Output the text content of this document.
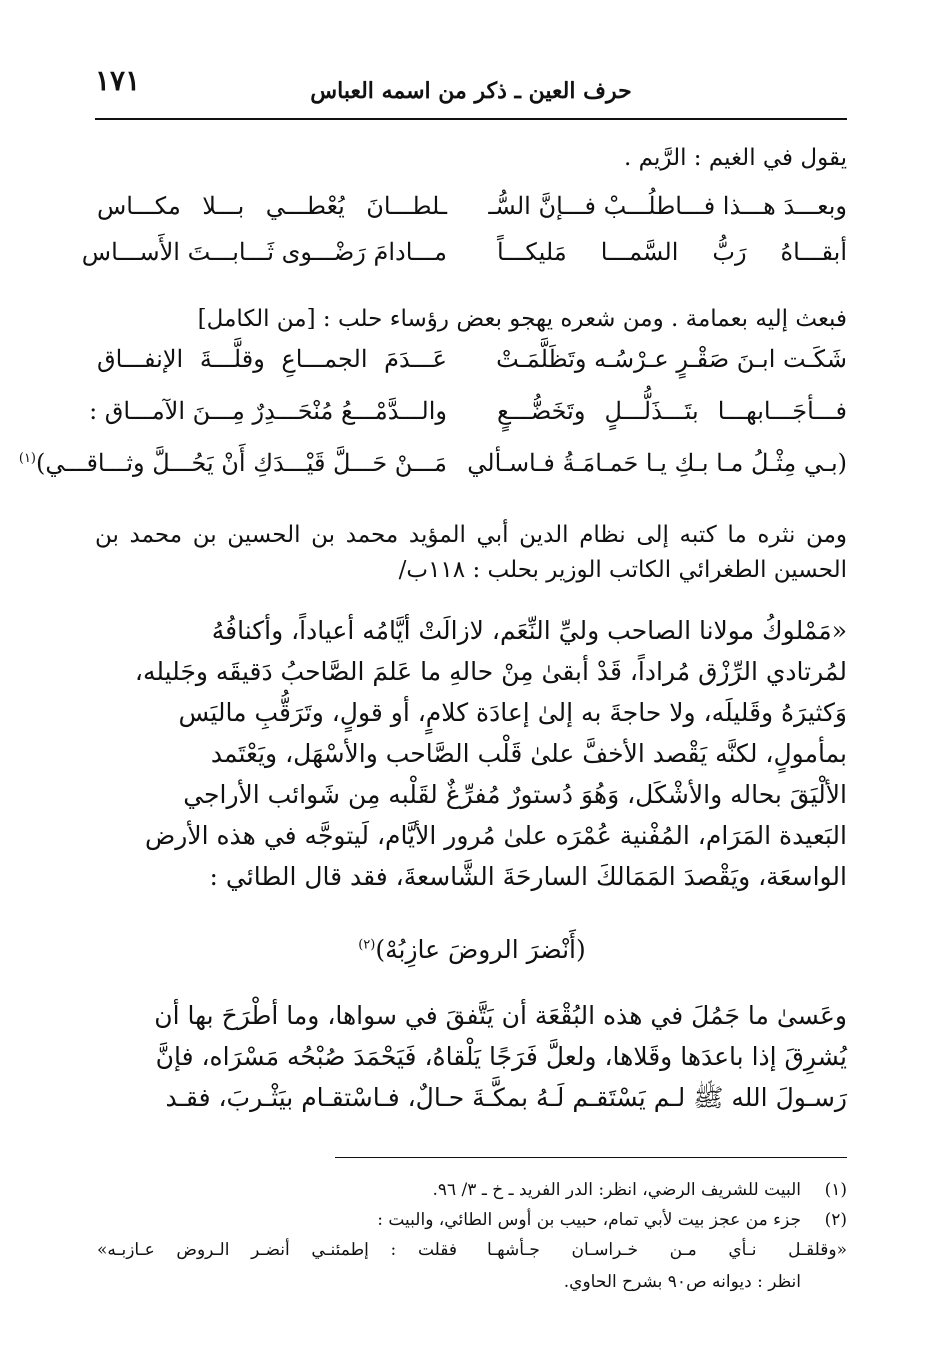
١٧١	حرف العين ـ ذكر من اسمه العباس
يقول في الغيم : الرَّيم .
وبعـــدَ هـــذا فـــاطلُـــبْ فـــإنَّ السُّـ
ـلطـــانَ يُعْطـــي بـــلا مكـــاس
أبقـــاهُ رَبُّ السَّمـــا مَليكـــاً
مـــادامَ رَضْـــوى ثَـــابـــتَ الأَســـاس
فبعث إليه بعمامة . ومن شعره يهجو بعض رؤساء حلب : [من الكامل]
شَكَـت ابـنَ صَقْـرٍ عـرْسُـه وتَظَلَّمَـتْ
عَـــدَمَ الجمـــاعِ وقلَّـــةَ الإنفـــاق
فـــأجَـــابهـــا بتَـــذَلُّـــلٍ وتَخَضُّـــعٍ
والـــدَّمْـــعُ مُنْحَـــدِرٌ مِـــنَ الآمـــاق :
(بـي مِثْـلُ مـا بـكِ يـا حَمـامَـةُ فـاسـألي
مَـــنْ حَـــلَّ قَيْـــدَكِ أَنْ يَحُـــلَّ وثـــاقـــي)$^{(١)}$
ومن نثره ما كتبه إلى نظام الدين أبي المؤيد محمد بن الحسين بن محمد بن الحسين الطغرائي الكاتب الوزير بحلب : ١١٨ب/
«مَمْلوكُ مولانا الصاحب وليِّ النِّعَم، لازالَتْ أيَّامُه أعياداً، وأكنافُهُ
لمُرتادي الرِّزْق مُراداً، قَدْ أبقىٰ مِنْ حالهِ ما عَلمَ الصَّاحبُ دَقيقَه وجَليله،
وَكثيرَهُ وقَليلَه، ولا حاجةَ به إلىٰ إعادَة كلامٍ، أو قولٍ، وتَرَقُّبِ ماليَس
بمأمولٍ، لكنَّه يَقْصد الأخفَّ علىٰ قَلْب الصَّاحب والأسْهَل، ويَعْتَمد
الألْيَقَ بحاله والأشْكَل، وَهُوَ دُستورٌ مُفرِّغٌ لقَلْبه مِن شَوائب الأراجي
البَعيدة المَرَام، المُفْنية عُمْرَه علىٰ مُرور الأيَّام، لَيتوجَّه في هذه الأرض
الواسعَة، ويَقْصدَ المَمَالكَ السارحَةَ الشَّاسعةَ، فقد قال الطائي :
(أَنْضرَ الروضَ عازِبُهْ)$^{(٢)}$
وعَسىٰ ما جَمُلَ في هذه البُقْعَة أن يَتَّفقَ في سواها، وما أطْرَحَ بها أن
يُشرِقَ إذا باعدَها وقَلاها، ولعلَّ فَرَجًا يَلْقاهُ، فَيَحْمَدَ صُبْحُه مَسْرَاه، فإنَّ
رَسـولَ الله ﷺ لـم يَسْتَقـم لَـهُ بمكَّـةَ حـالٌ، فـاسْتقـام بيَثْـربَ، فقـد
(١)
البيت للشريف الرضي، انظر: الدر الفريد ـ خ ـ ٣/ ٩٦.
(٢)
جزء من عجز بيت لأبي تمام، حبيب بن أوس الطائي، والبيت :
«وقلقـل نـأي مـن خـراسـان جـأشهـا
فقلت : إطمئنـي أنضـر الـروض عـازبـه»
انظر : ديوانه ص٩٠ بشرح الحاوي.
